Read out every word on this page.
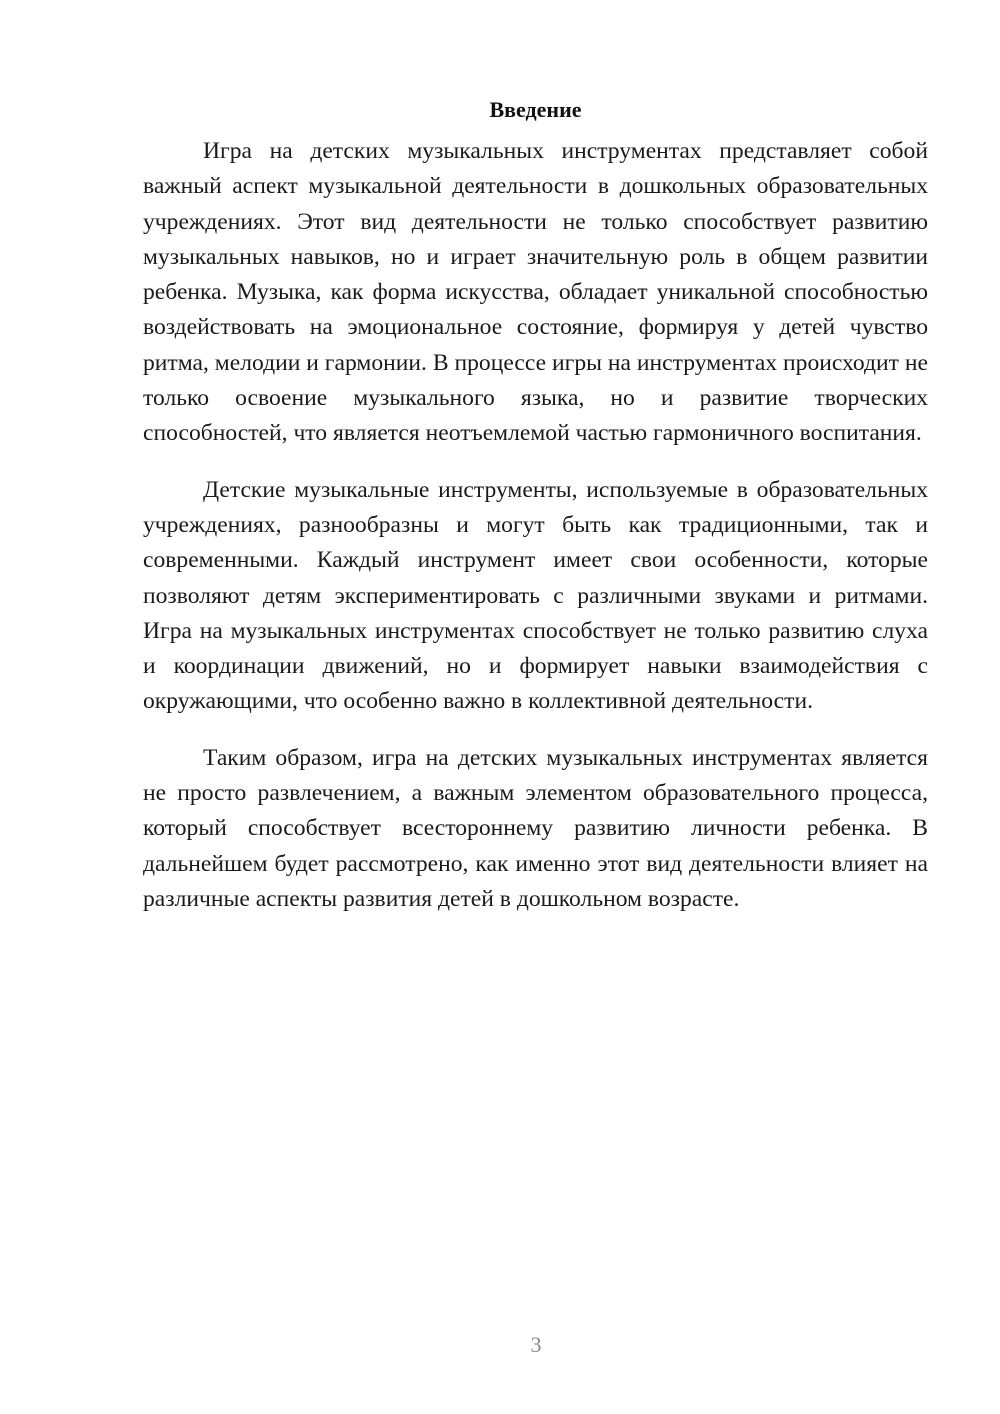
Введение

Игра на детских музыкальных инструментах представляет собой важный аспект музыкальной деятельности в дошкольных образовательных учреждениях. Этот вид деятельности не только способствует развитию музыкальных навыков, но и играет значительную роль в общем развитии ребенка. Музыка, как форма искусства, обладает уникальной способностью воздействовать на эмоциональное состояние, формируя у детей чувство ритма, мелодии и гармонии. В процессе игры на инструментах происходит не только освоение музыкального языка, но и развитие творческих способностей, что является неотъемлемой частью гармоничного воспитания.

Детские музыкальные инструменты, используемые в образовательных учреждениях, разнообразны и могут быть как традиционными, так и современными. Каждый инструмент имеет свои особенности, которые позволяют детям экспериментировать с различными звуками и ритмами. Игра на музыкальных инструментах способствует не только развитию слуха и координации движений, но и формирует навыки взаимодействия с окружающими, что особенно важно в коллективной деятельности.

Таким образом, игра на детских музыкальных инструментах является не просто развлечением, а важным элементом образовательного процесса, который способствует всестороннему развитию личности ребенка. В дальнейшем будет рассмотрено, как именно этот вид деятельности влияет на различные аспекты развития детей в дошкольном возрасте.

3
